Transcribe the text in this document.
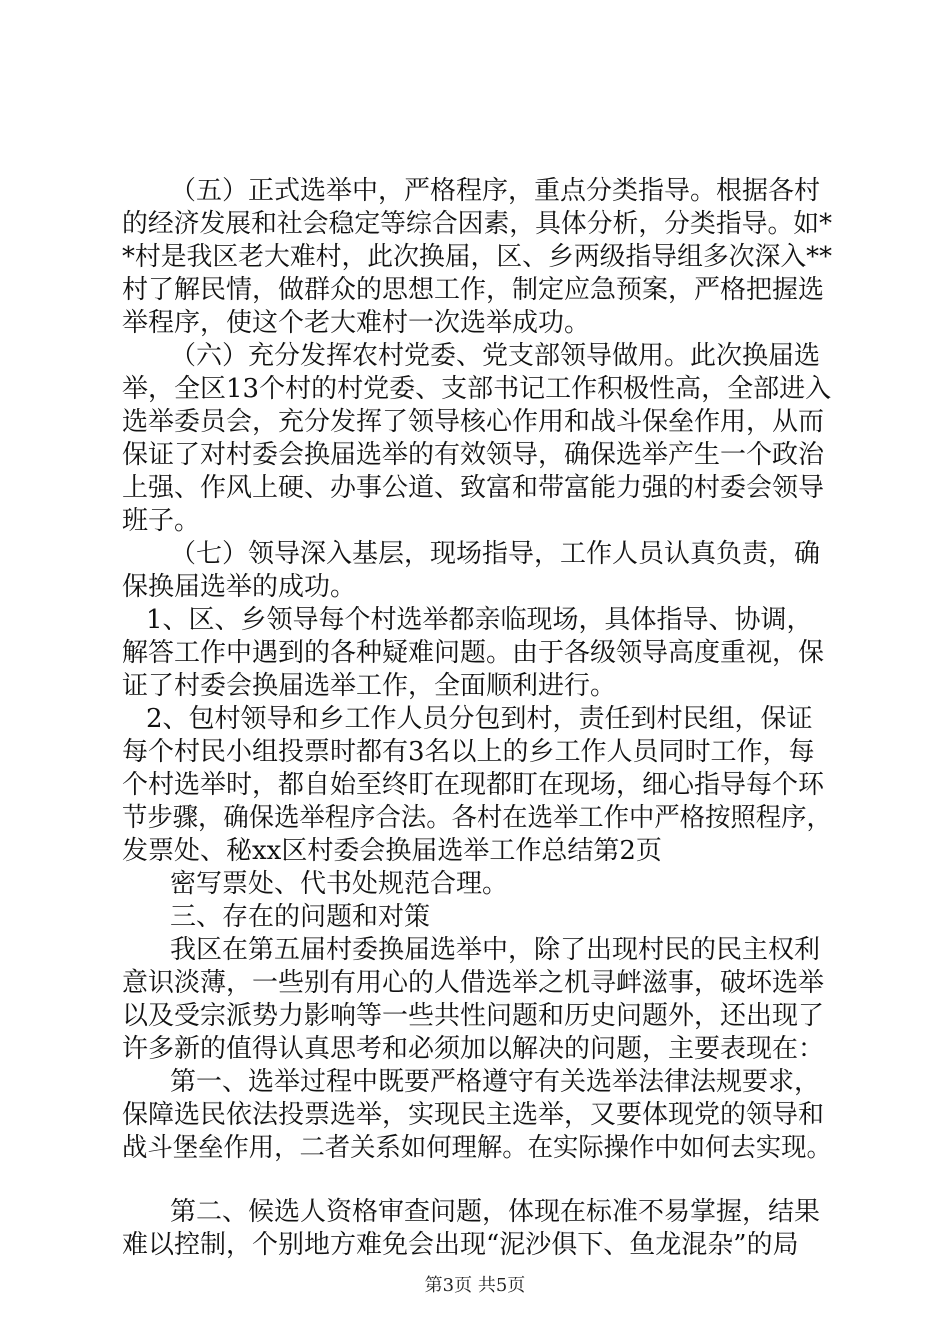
（五）正式选举中，严格程序，重点分类指导。根据各村
的经济发展和社会稳定等综合因素，具体分析，分类指导。如*
*村是我区老大难村，此次换届，区、乡两级指导组多次深入**
村了解民情，做群众的思想工作，制定应急预案，严格把握选
举程序，使这个老大难村一次选举成功。
（六）充分发挥农村党委、党支部领导做用。此次换届选
举，全区13个村的村党委、支部书记工作积极性高，全部进入
选举委员会，充分发挥了领导核心作用和战斗保垒作用，从而
保证了对村委会换届选举的有效领导，确保选举产生一个政治
上强、作风上硬、办事公道、致富和带富能力强的村委会领导
班子。
（七）领导深入基层，现场指导，工作人员认真负责，确
保换届选举的成功。
1、区、乡领导每个村选举都亲临现场，具体指导、协调，
解答工作中遇到的各种疑难问题。由于各级领导高度重视，保
证了村委会换届选举工作，全面顺利进行。
2、包村领导和乡工作人员分包到村，责任到村民组，保证
每个村民小组投票时都有3名以上的乡工作人员同时工作，每
个村选举时，都自始至终盯在现都盯在现场，细心指导每个环
节步骤，确保选举程序合法。各村在选举工作中严格按照程序，
发票处、秘xx区村委会换届选举工作总结第2页
密写票处、代书处规范合理。
三、存在的问题和对策
我区在第五届村委换届选举中，除了出现村民的民主权利
意识淡薄，一些别有用心的人借选举之机寻衅滋事，破坏选举
以及受宗派势力影响等一些共性问题和历史问题外，还出现了
许多新的值得认真思考和必须加以解决的问题，主要表现在：
第一、选举过程中既要严格遵守有关选举法律法规要求，
保障选民依法投票选举，实现民主选举，又要体现党的领导和
战斗堡垒作用，二者关系如何理解。在实际操作中如何去实现。
第二、候选人资格审查问题，体现在标准不易掌握，结果
难以控制，个别地方难免会出现“泥沙俱下、鱼龙混杂”的局
第3页 共5页
